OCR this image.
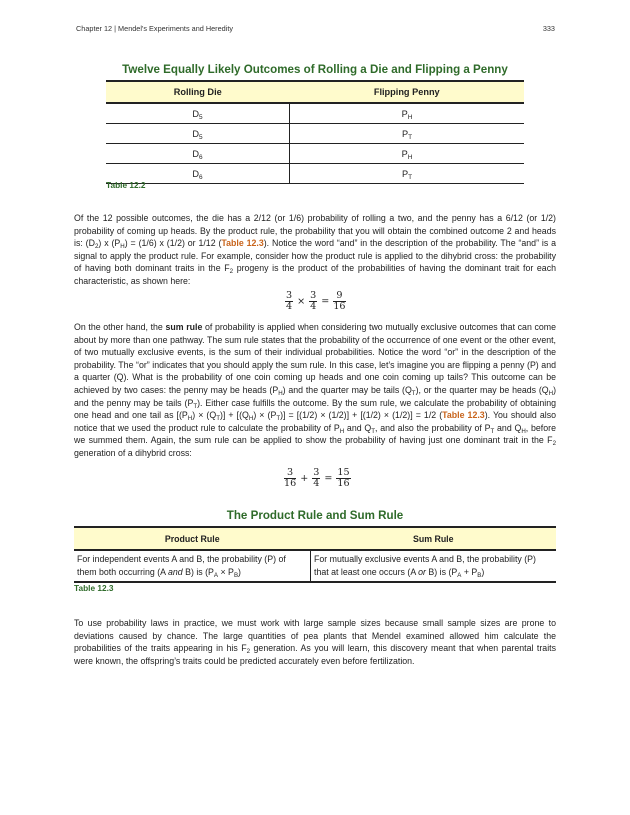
Chapter 12 | Mendel's Experiments and Heredity	333
Twelve Equally Likely Outcomes of Rolling a Die and Flipping a Penny
Rolling Die	Flipping Penny
$D_5$	$P_H$
$D_5$	$P_T$
$D_6$	$P_H$
$D_6$	$P_T$
Table 12.2

Of the 12 possible outcomes, the die has a 2/12 (or 1/6) probability of rolling a two, and the penny has a 6/12 (or 1/2) probability of coming up heads. By the product rule, the probability that you will obtain the combined outcome 2 and heads is: $(D_2)$ x $(P_H) = (1/6)$ x (1/2) or 1/12 (Table 12.3). Notice the word “and” in the description of the probability. The “and” is a signal to apply the product rule. For example, consider how the product rule is applied to the dihybrid cross: the probability of having both dominant traits in the $F_2$ progeny is the product of the probabilities of having the dominant trait for each characteristic, as shown here:

$\frac{3}{4} \times \frac{3}{4} = \frac{9}{16}$

On the other hand, the sum rule of probability is applied when considering two mutually exclusive outcomes that can come about by more than one pathway. The sum rule states that the probability of the occurrence of one event or the other event, of two mutually exclusive events, is the sum of their individual probabilities. Notice the word “or” in the description of the probability. The “or” indicates that you should apply the sum rule. In this case, let’s imagine you are flipping a penny (P) and a quarter (Q). What is the probability of one coin coming up heads and one coin coming up tails? This outcome can be achieved by two cases: the penny may be heads $(P_H)$ and the quarter may be tails $(Q_T)$, or the quarter may be heads $(Q_H)$ and the penny may be tails $(P_T)$. Either case fulfills the outcome. By the sum rule, we calculate the probability of obtaining one head and one tail as $[(P_H) \times (Q_T)] + [(Q_H) \times (P_T)] = [(1/2) \times (1/2)] + [(1/2) \times (1/2)] = 1/2$ (Table 12.3). You should also notice that we used the product rule to calculate the probability of $P_H$ and $Q_T$, and also the probability of $P_T$ and $Q_H$, before we summed them. Again, the sum rule can be applied to show the probability of having just one dominant trait in the $F_2$ generation of a dihybrid cross:

$\frac{3}{16} + \frac{3}{4} = \frac{15}{16}$
The Product Rule and Sum Rule
Product Rule	Sum Rule
For independent events A and B, the probability (P) of them both occurring (A and B) is $(P_A \times P_B)$	For mutually exclusive events A and B, the probability (P) that at least one occurs (A or B) is $(P_A + P_B)$
Table 12.3

To use probability laws in practice, we must work with large sample sizes because small sample sizes are prone to deviations caused by chance. The large quantities of pea plants that Mendel examined allowed him calculate the probabilities of the traits appearing in his $F_2$ generation. As you will learn, this discovery meant that when parental traits were known, the offspring’s traits could be predicted accurately even before fertilization.
